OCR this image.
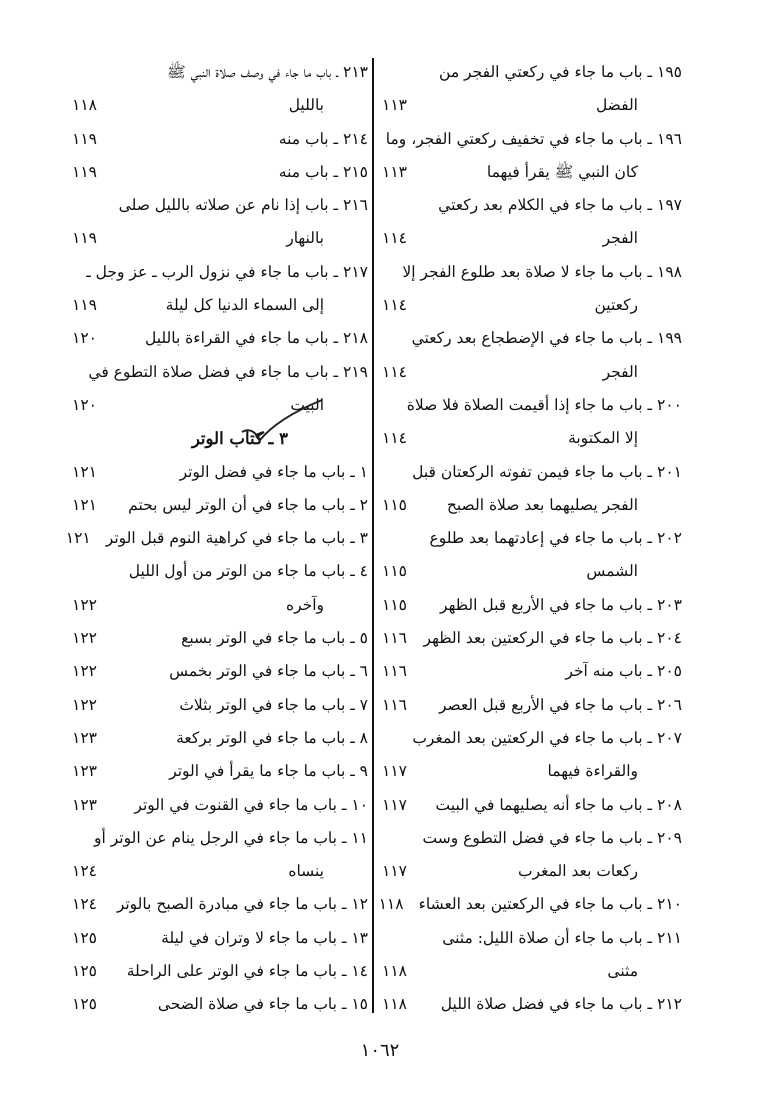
١٩٥ ـ باب ما جاء في ركعتي الفجر من
الفضل
١١٣
١٩٦ ـ باب ما جاء في تخفيف ركعتي الفجر، وما
كان النبي ﷺ يقرأ فيهما
١١٣
١٩٧ ـ باب ما جاء في الكلام بعد ركعتي
الفجر
١١٤
١٩٨ ـ باب ما جاء لا صلاة بعد طلوع الفجر إلا
ركعتين
١١٤
١٩٩ ـ باب ما جاء في الإضطجاع بعد ركعتي
الفجر
١١٤
٢٠٠ ـ باب ما جاء إذا أقيمت الصلاة فلا صلاة
إلا المكتوبة
١١٤
٢٠١ ـ باب ما جاء فيمن تفوته الركعتان قبل
الفجر يصليهما بعد صلاة الصبح
١١٥
٢٠٢ ـ باب ما جاء في إعادتهما بعد طلوع
الشمس
١١٥
٢٠٣ ـ باب ما جاء في الأربع قبل الظهر
١١٥
٢٠٤ ـ باب ما جاء في الركعتين بعد الظهر
١١٦
٢٠٥ ـ باب منه آخر
١١٦
٢٠٦ ـ باب ما جاء في الأربع قبل العصر
١١٦
٢٠٧ ـ باب ما جاء في الركعتين بعد المغرب
والقراءة فيهما
١١٧
٢٠٨ ـ باب ما جاء أنه يصليهما في البيت
١١٧
٢٠٩ ـ باب ما جاء في فضل التطوع وست
ركعات بعد المغرب
١١٧
٢١٠ ـ باب ما جاء في الركعتين بعد العشاء
١١٨
٢١١ ـ باب ما جاء أن صلاة الليل: مثنى
مثنى
١١٨
٢١٢ ـ باب ما جاء في فضل صلاة الليل
١١٨
٢١٣ ـ باب ما جاء في وصف صلاة النبي ﷺ
بالليل
١١٨
٢١٤ ـ باب منه
١١٩
٢١٥ ـ باب منه
١١٩
٢١٦ ـ باب إذا نام عن صلاته بالليل صلى
بالنهار
١١٩
٢١٧ ـ باب ما جاء في نزول الرب ـ عز وجل ـ
إلى السماء الدنيا كل ليلة
١١٩
٢١٨ ـ باب ما جاء في القراءة بالليل
١٢٠
٢١٩ ـ باب ما جاء في فضل صلاة التطوع في
البيت
١٢٠
٣ ـ كتاب الوتر
١ ـ باب ما جاء في فضل الوتر
١٢١
٢ ـ باب ما جاء في أن الوتر ليس بحتم
١٢١
٣ ـ باب ما جاء في كراهية النوم قبل الوتر
١٢١
٤ ـ باب ما جاء من الوتر من أول الليل
وآخره
١٢٢
٥ ـ باب ما جاء في الوتر بسبع
١٢٢
٦ ـ باب ما جاء في الوتر بخمس
١٢٢
٧ ـ باب ما جاء في الوتر بثلاث
١٢٢
٨ ـ باب ما جاء في الوتر بركعة
١٢٣
٩ ـ باب ما جاء ما يقرأ في الوتر
١٢٣
١٠ ـ باب ما جاء في القنوت في الوتر
١٢٣
١١ ـ باب ما جاء في الرجل ينام عن الوتر أو
ينساه
١٢٤
١٢ ـ باب ما جاء في مبادرة الصبح بالوتر
١٢٤
١٣ ـ باب ما جاء لا وتران في ليلة
١٢٥
١٤ ـ باب ما جاء في الوتر على الراحلة
١٢٥
١٥ ـ باب ما جاء في صلاة الضحى
١٢٥
١٠٦٢
